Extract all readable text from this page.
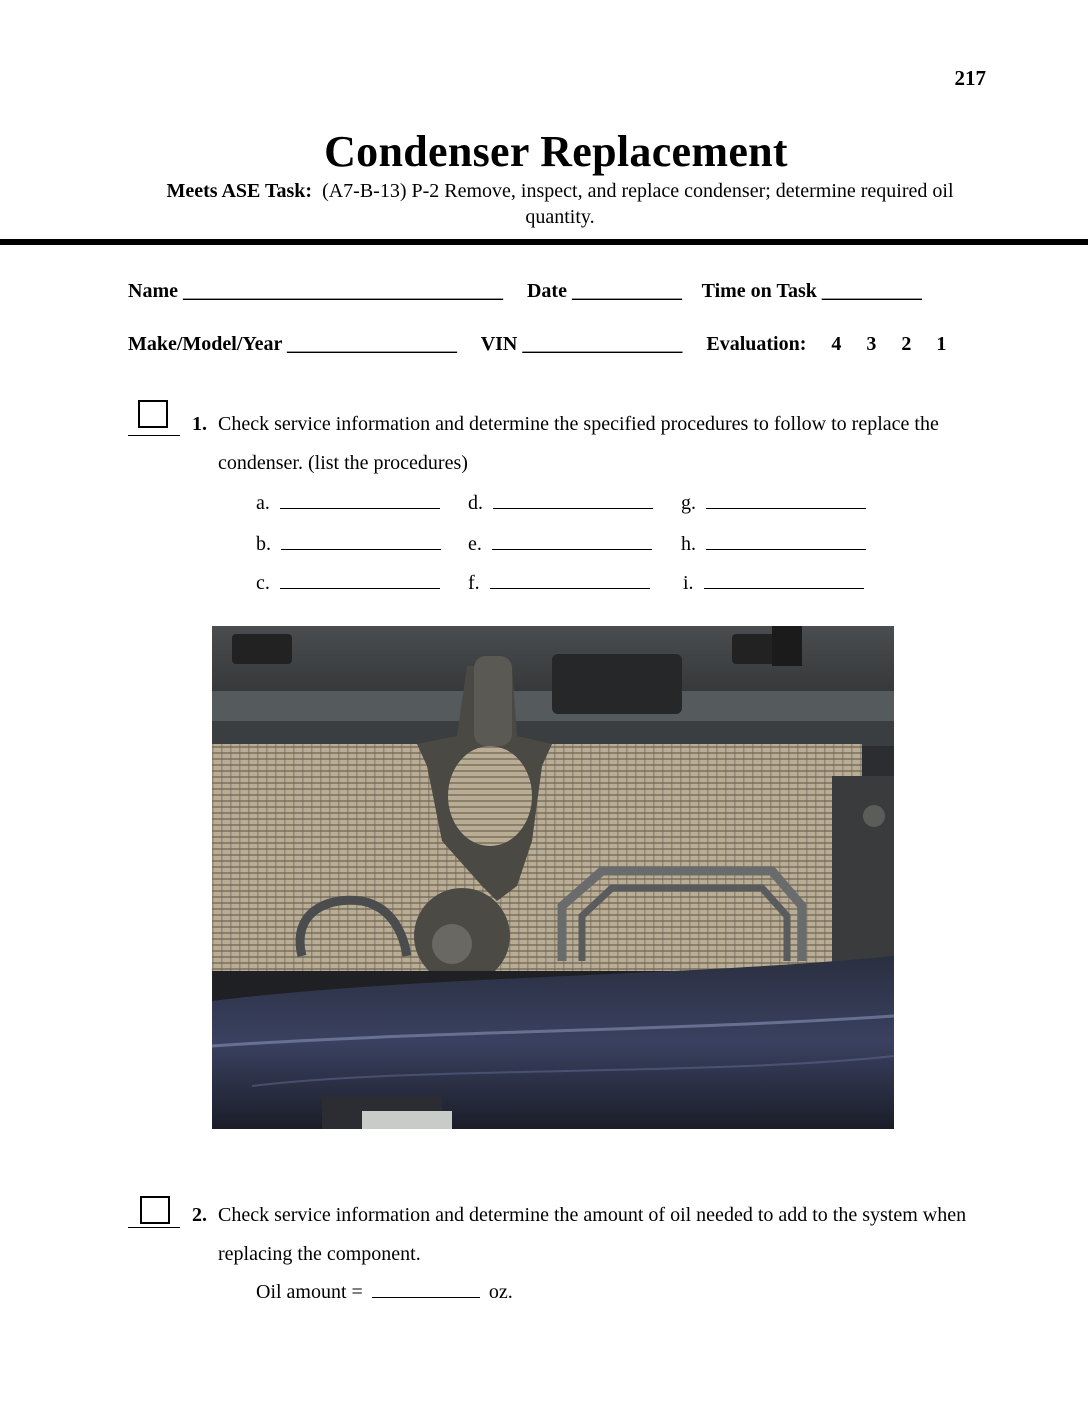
217
Condenser Replacement
Meets ASE Task: (A7-B-13) P-2 Remove, inspect, and replace condenser; determine required oil quantity.
Name ________________________________ Date ___________ Time on Task __________
Make/Model/Year _________________ VIN ________________ Evaluation: 4 3 2 1
1. Check service information and determine the specified procedures to follow to replace the condenser. (list the procedures)
a.
b.
c.
d.
e.
f.
g.
h.
i.
2. Check service information and determine the amount of oil needed to add to the system when replacing the component.
Oil amount =	oz.
